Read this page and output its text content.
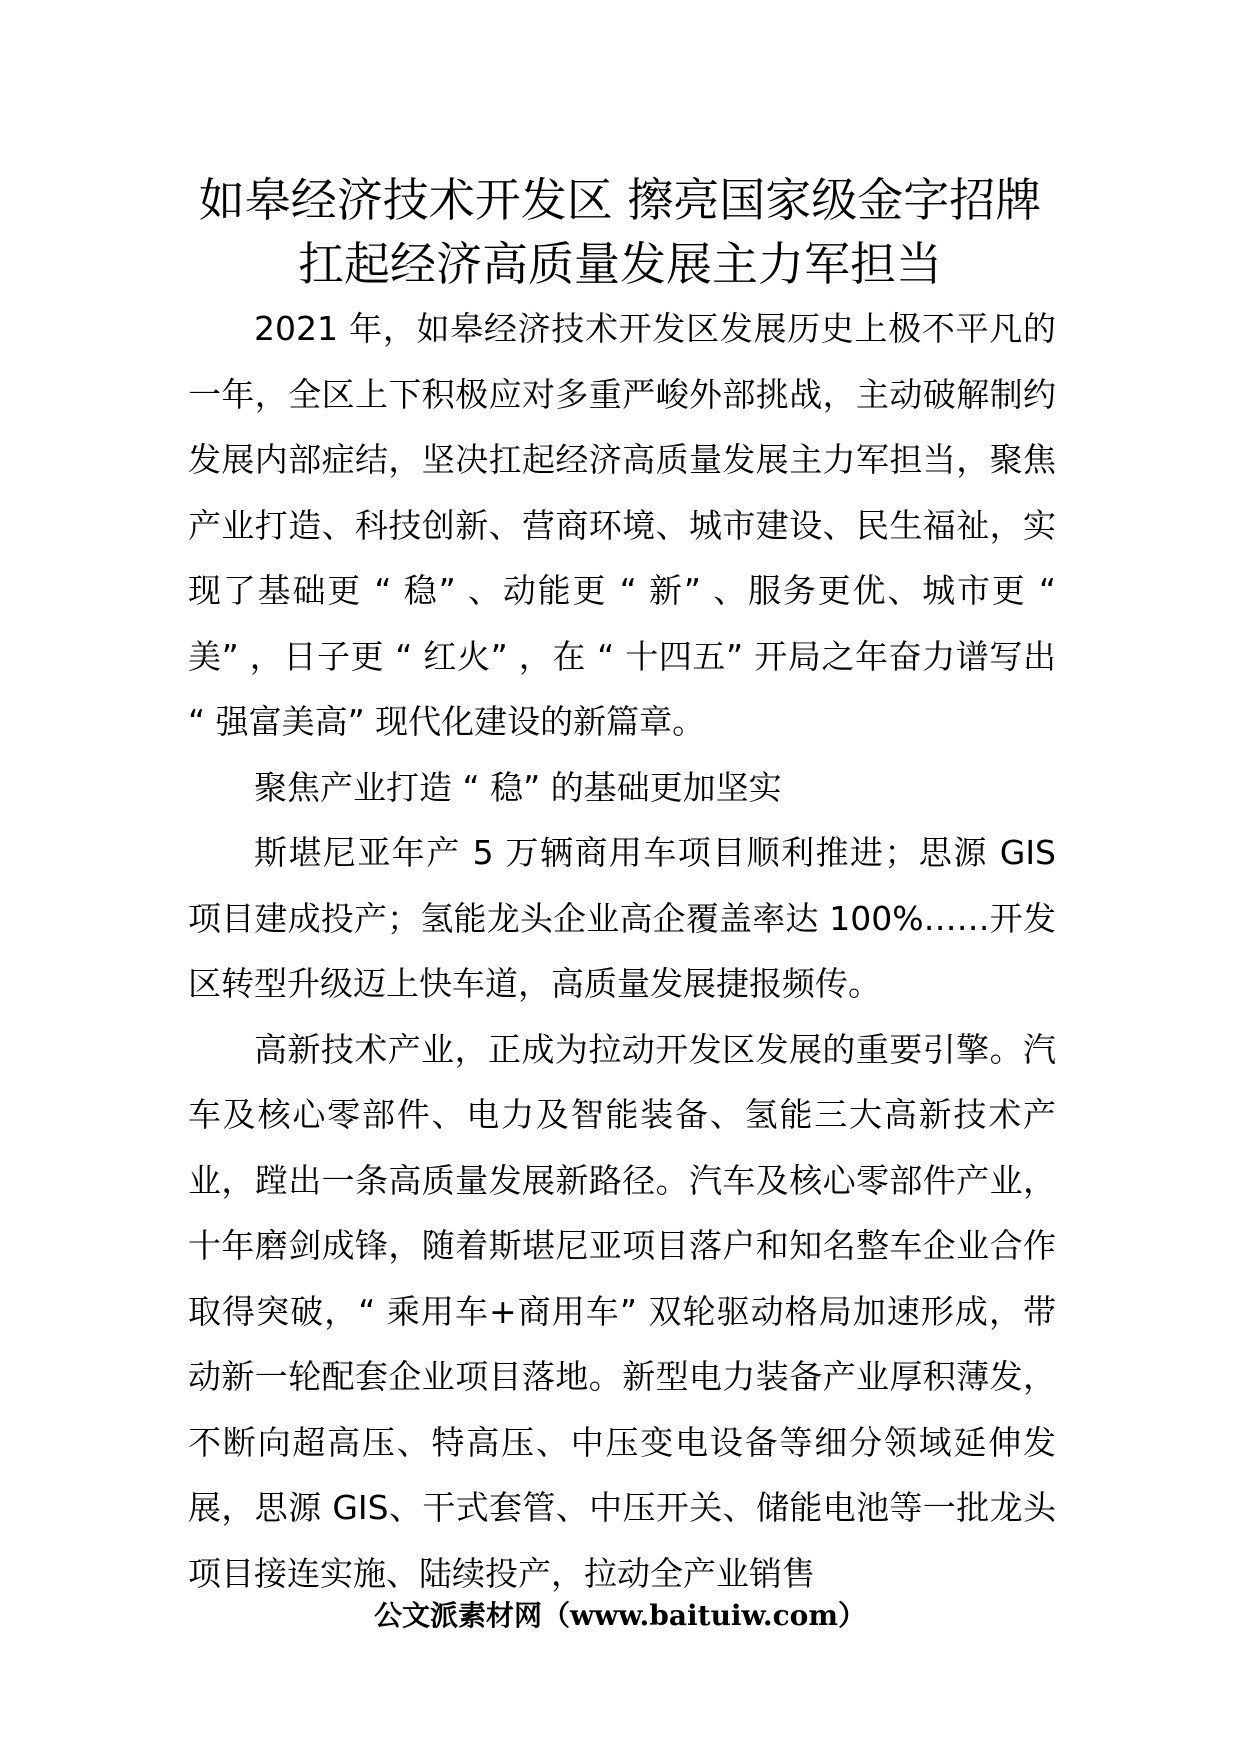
如皋经济技术开发区 擦亮国家级金字招牌
扛起经济高质量发展主力军担当

2021 年，如皋经济技术开发区发展历史上极不平凡的一年，全区上下积极应对多重严峻外部挑战，主动破解制约发展内部症结，坚决扛起经济高质量发展主力军担当，聚焦产业打造、科技创新、营商环境、城市建设、民生福祉，实现了基础更 “ 稳” 、动能更 “ 新” 、服务更优、城市更 “ 美” ，日子更 “ 红火” ，在 “ 十四五” 开局之年奋力谱写出 “ 强富美高” 现代化建设的新篇章。

聚焦产业打造 “ 稳” 的基础更加坚实

斯堪尼亚年产 5 万辆商用车项目顺利推进；思源 GIS 项目建成投产；氢能龙头企业高企覆盖率达 100%……开发区转型升级迈上快车道，高质量发展捷报频传。

高新技术产业，正成为拉动开发区发展的重要引擎。汽车及核心零部件、电力及智能装备、氢能三大高新技术产业，蹚出一条高质量发展新路径。汽车及核心零部件产业，十年磨剑成锋，随着斯堪尼亚项目落户和知名整车企业合作取得突破，“ 乘用车+商用车” 双轮驱动格局加速形成，带动新一轮配套企业项目落地。新型电力装备产业厚积薄发，不断向超高压、特高压、中压变电设备等细分领域延伸发展，思源 GIS、干式套管、中压开关、储能电池等一批龙头项目接连实施、陆续投产，拉动全产业销售

公文派素材网（www.baituiw.com）
